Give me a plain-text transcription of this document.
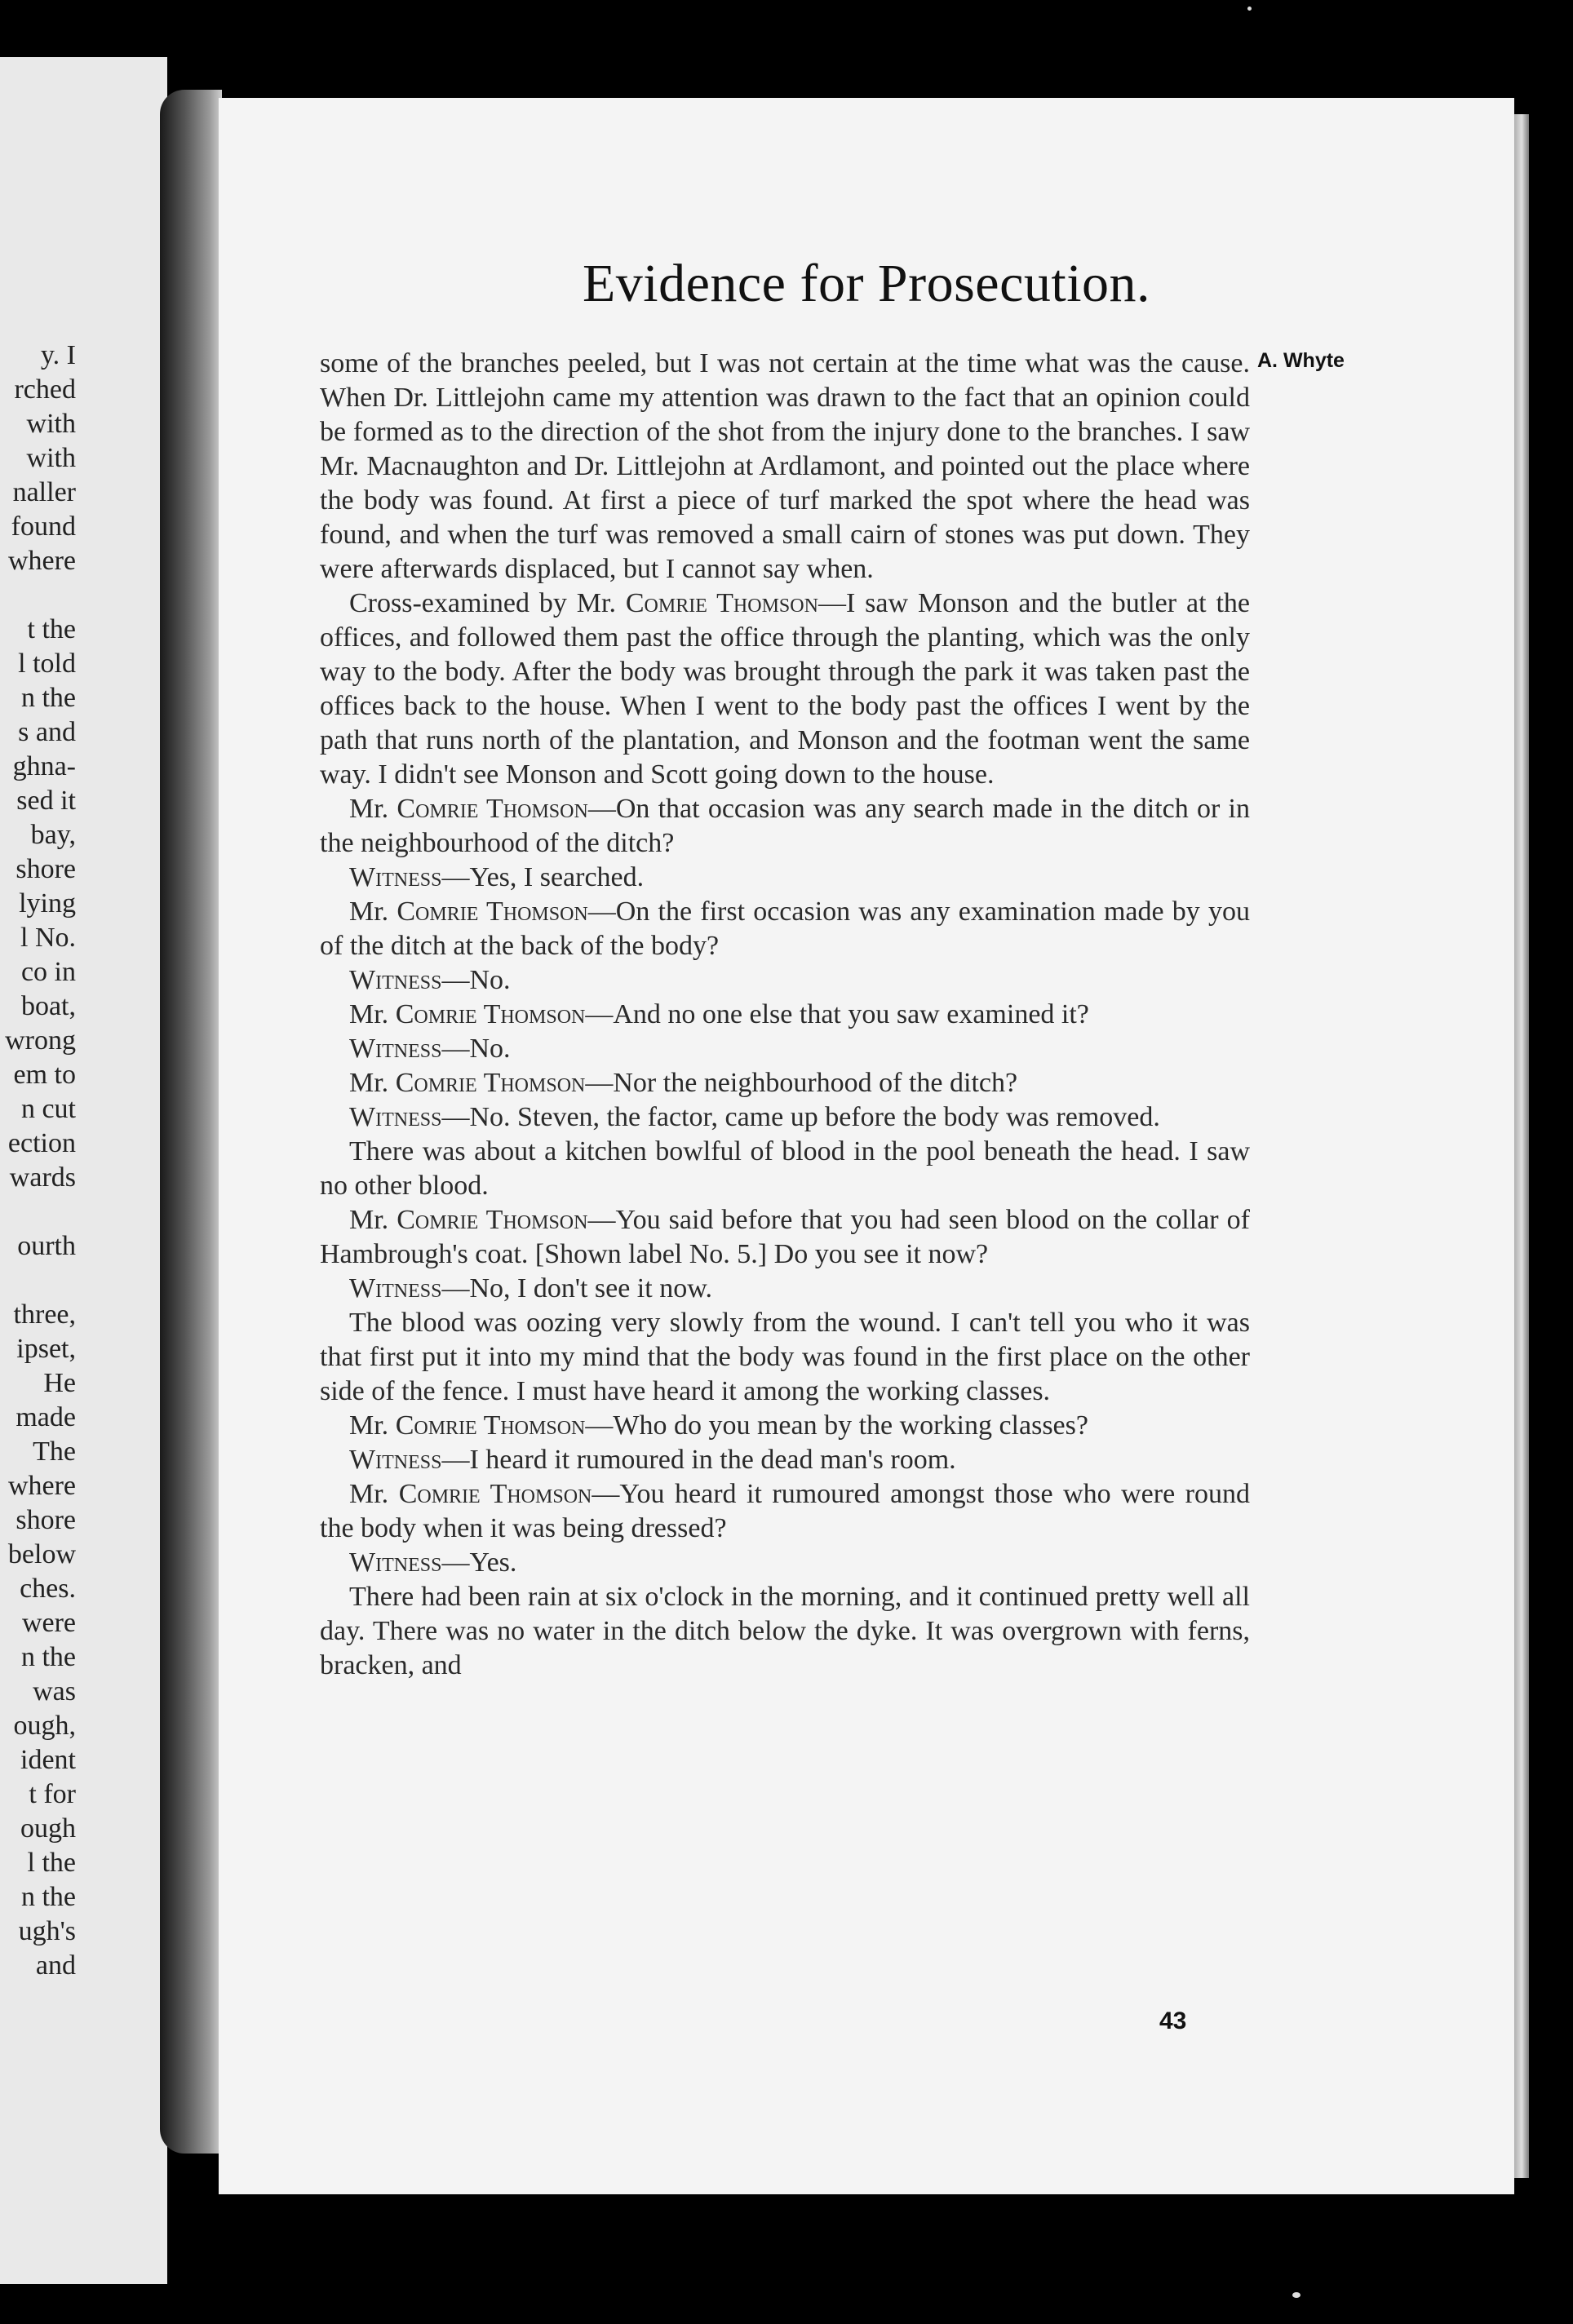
y. I
rched
with
with
naller
found
where
t the
l told
n the
s and
ghna-
sed it
bay,
shore
lying
l No.
co in
boat,
wrong
em to
n cut
ection
wards
ourth
three,
ipset,
He
made
The
where
shore
below
ches.
were
n the
was
ough,
ident
t for
ough
l the
n the
ugh's
and
Evidence for Prosecution.
A. Whyte

some of the branches peeled, but I was not certain at the time what was the cause. When Dr. Littlejohn came my attention was drawn to the fact that an opinion could be formed as to the direction of the shot from the injury done to the branches. I saw Mr. Macnaughton and Dr. Littlejohn at Ardlamont, and pointed out the place where the body was found. At first a piece of turf marked the spot where the head was found, and when the turf was removed a small cairn of stones was put down. They were afterwards displaced, but I cannot say when.

Cross-examined by Mr. Comrie Thomson—I saw Monson and the butler at the offices, and followed them past the office through the planting, which was the only way to the body. After the body was brought through the park it was taken past the offices back to the house. When I went to the body past the offices I went by the path that runs north of the plantation, and Monson and the footman went the same way. I didn't see Monson and Scott going down to the house.

Mr. Comrie Thomson—On that occasion was any search made in the ditch or in the neighbourhood of the ditch?

Witness—Yes, I searched.

Mr. Comrie Thomson—On the first occasion was any examination made by you of the ditch at the back of the body?

Witness—No.

Mr. Comrie Thomson—And no one else that you saw examined it?

Witness—No.

Mr. Comrie Thomson—Nor the neighbourhood of the ditch?

Witness—No. Steven, the factor, came up before the body was removed.

There was about a kitchen bowlful of blood in the pool beneath the head. I saw no other blood.

Mr. Comrie Thomson—You said before that you had seen blood on the collar of Hambrough's coat. [Shown label No. 5.] Do you see it now?

Witness—No, I don't see it now.

The blood was oozing very slowly from the wound. I can't tell you who it was that first put it into my mind that the body was found in the first place on the other side of the fence. I must have heard it among the working classes.

Mr. Comrie Thomson—Who do you mean by the working classes?

Witness—I heard it rumoured in the dead man's room.

Mr. Comrie Thomson—You heard it rumoured amongst those who were round the body when it was being dressed?

Witness—Yes.

There had been rain at six o'clock in the morning, and it continued pretty well all day. There was no water in the ditch below the dyke. It was overgrown with ferns, bracken, and

43
